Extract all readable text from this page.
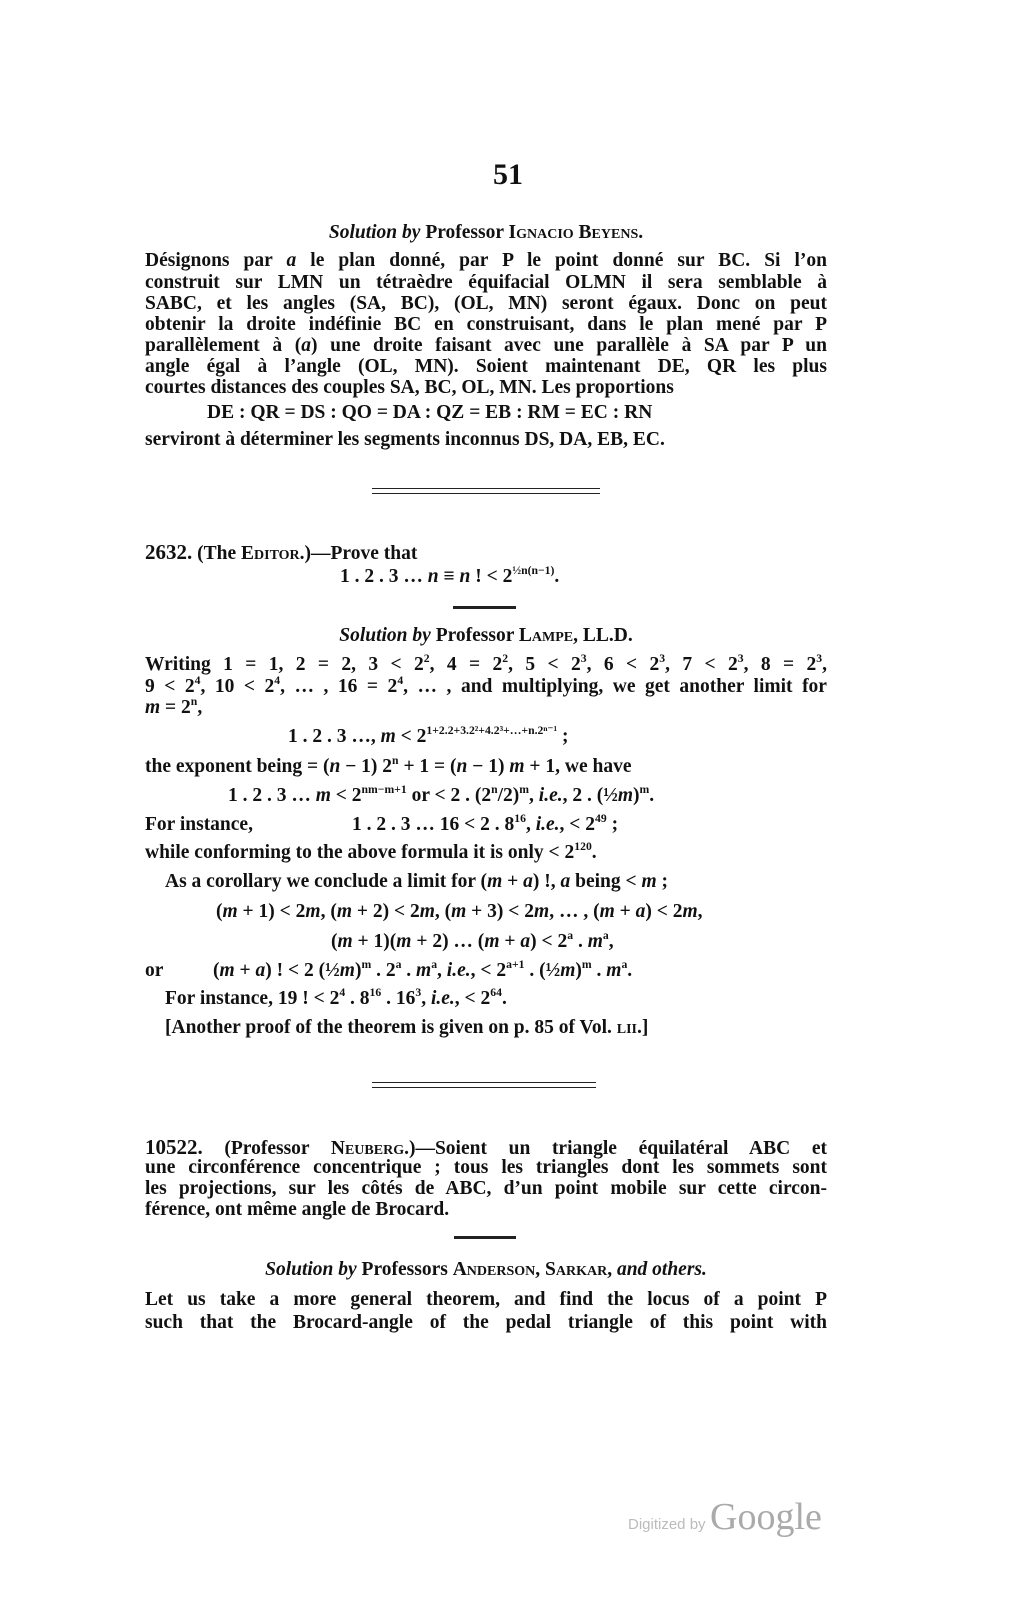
51
Solution by Professor Ignacio Beyens.
Désignons par a le plan donné, par P le point donné sur BC. Si l’on
construit sur LMN un tétraèdre équifacial OLMN il sera semblable à
SABC, et les angles (SA, BC), (OL, MN) seront égaux. Donc on peut
obtenir la droite indéfinie BC en construisant, dans le plan mené par P
parallèlement à (a) une droite faisant avec une parallèle à SA par P un
angle égal à l’angle (OL, MN). Soient maintenant DE, QR les plus
courtes distances des couples SA, BC, OL, MN. Les proportions
DE : QR = DS : QO = DA : QZ = EB : RM = EC : RN
serviront à déterminer les segments inconnus DS, DA, EB, EC.
2632. (The Editor.)—Prove that
1 . 2 . 3 … n ≡ n ! < $2^{\frac{1}{2}n(n-1)}$.
Solution by Professor Lampe, LL.D.
Writing 1 = 1, 2 = 2, $3 < 2^2$, $4 = 2^2$, $5 < 2^3$, $6 < 2^3$, $7 < 2^3$, $8 = 2^3$,
$9 < 2^4$, $10 < 2^4$, … , $16 = 2^4$, … , and multiplying, we get another limit for
$m = 2^n$,
1 . 2 . 3 …, $m < 2^{1+2.2+3.2^2+4.2^3+\dots+n.2^{n-1}}$ ;
the exponent being = (n − 1) $2^n + 1 = (n - 1) m + 1$, we have
1 . 2 . 3 … $m < 2^{nm-m+1}$ or < 2 . $(2^n/2)^m$, i.e., 2 . (½m)$^m$.
For instance,	1 . 2 . 3 … 16 < 2 . $8^{16}$, i.e., < $2^{49}$ ;
while conforming to the above formula it is only < $2^{120}$.
As a corollary we conclude a limit for (m + a) !, a being < m ;
(m + 1) < 2m, (m + 2) < 2m, (m + 3) < 2m, … , (m + a) < 2m,
(m + 1)(m + 2) … $(m + a) < 2^a$ . $m^a$,
or	(m + a) ! < 2 (½m)$^m$ . 2$^a$ . $m^a$, i.e., < $2^{a+1}$ . (½m)$^m$ . $m^a$.
For instance, 19 ! < $2^4$ . $8^{16}$ . $16^3$, i.e., < $2^{64}$.
[Another proof of the theorem is given on p. 85 of Vol. lii.]
10522. (Professor Neuberg.)—Soient un triangle équilatéral ABC et
une circonférence concentrique ; tous les triangles dont les sommets sont
les projections, sur les côtés de ABC, d’un point mobile sur cette circon-
férence, ont même angle de Brocard.
Solution by Professors Anderson, Sarkar, and others.
Let us take a more general theorem, and find the locus of a point P
such that the Brocard-angle of the pedal triangle of this point with
Digitized by Google
